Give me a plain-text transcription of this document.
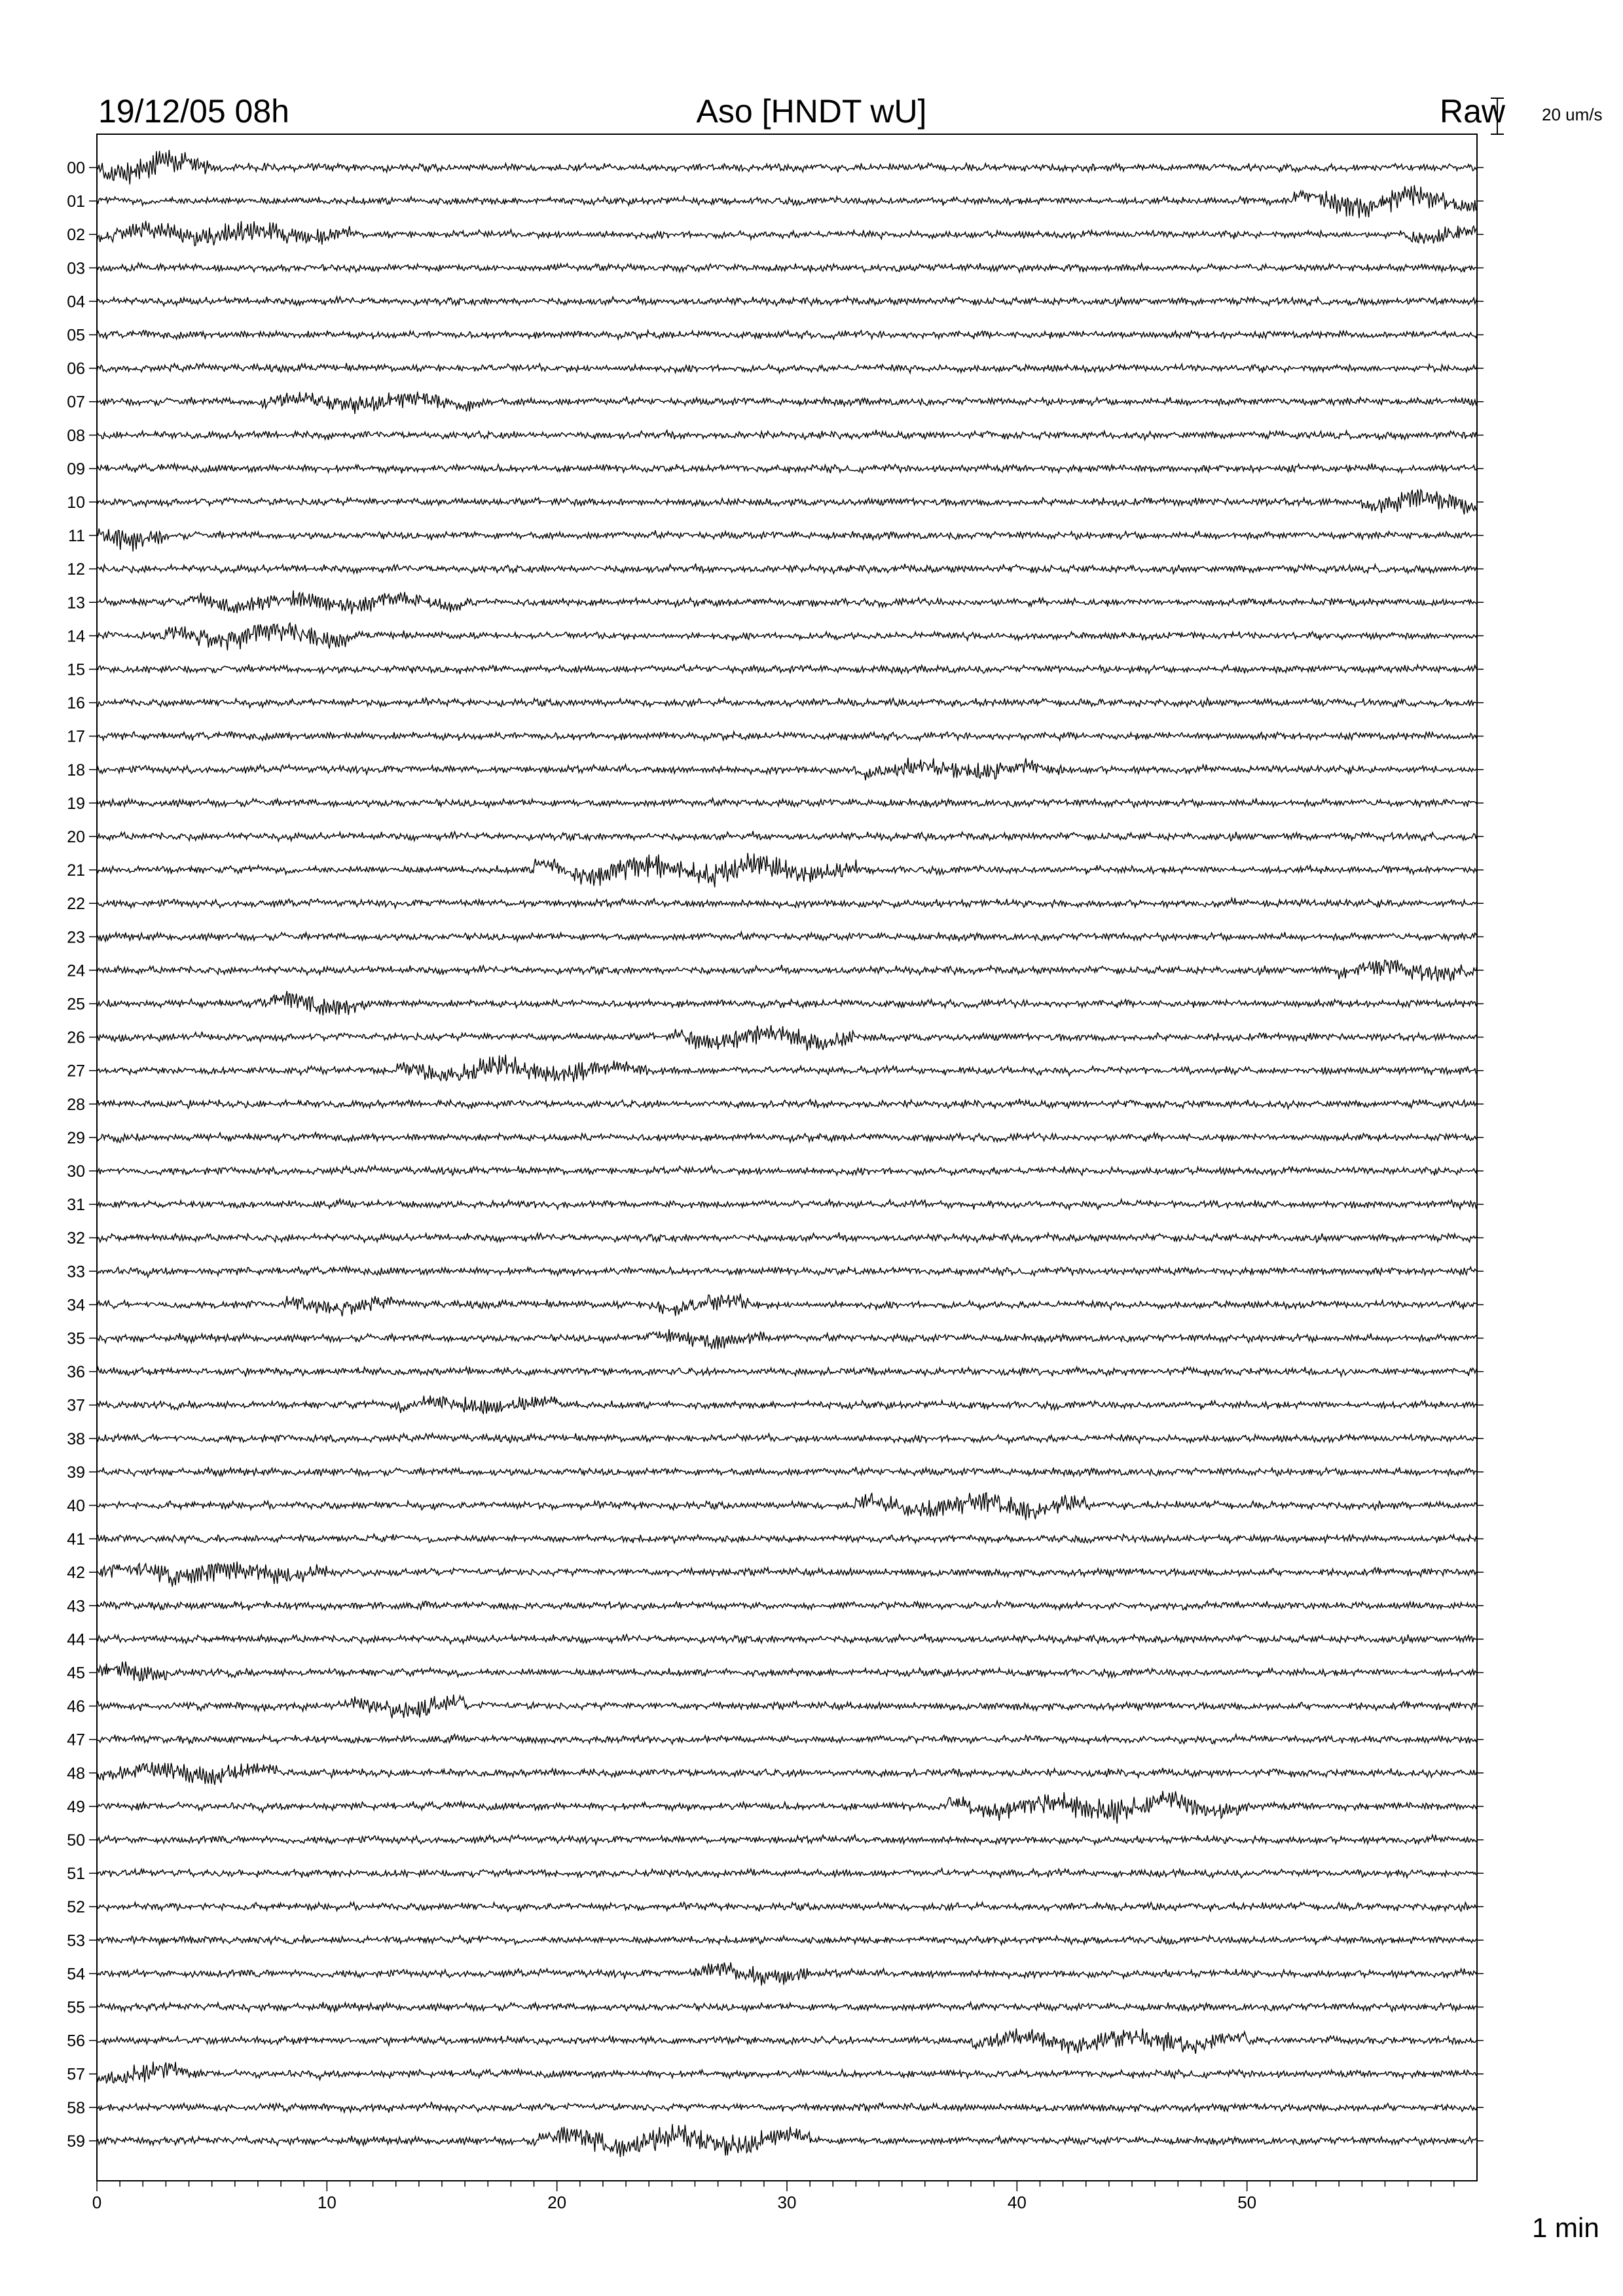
19/12/05 08h	Aso [HNDT wU]	Raw 20 um/s
1 min
00
01
02
03
04
05
06
07
08
09
10
11
12
13
14
15
16
17
18
19
20
21
22
23
24
25
26
27
28
29
30
31
32
33
34
35
36
37
38
39
40
41
42
43
44
45
46
47
48
49
50
51
52
53
54
55
56
57
58
59
0	10	20	30	40	50
